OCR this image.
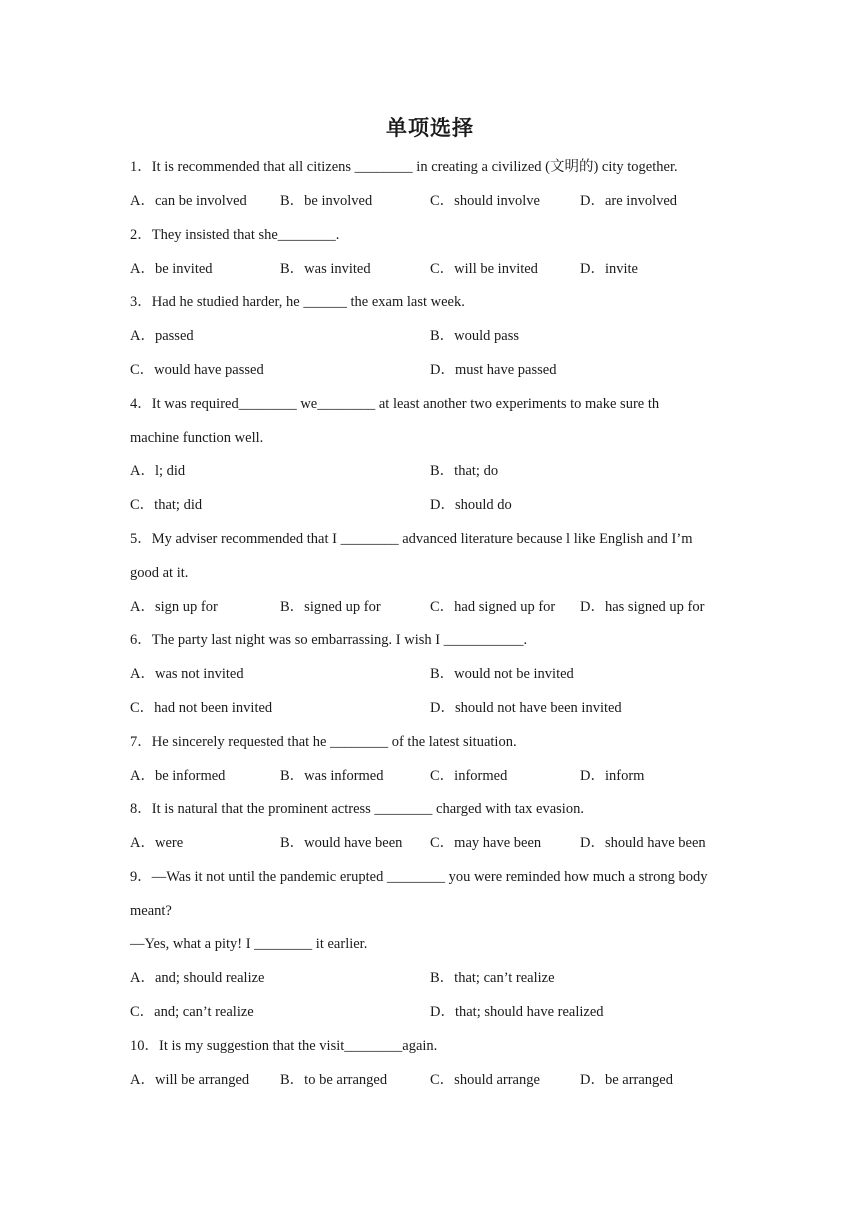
单项选择
1．It is recommended that all citizens ________ in creating a civilized (文明的) city together.
A．can be involved B．be involved	C．should involve	D．are involved
2．They insisted that she________.
A．be invited	B．was invited	C．will be invited	D．invite
3．Had he studied harder, he ______ the exam last week.
A．passed	B．would pass
C．would have passed	D．must have passed
4．It was required________ we________ at least another two experiments to make sure th
machine function well.
A．l; did	B．that; do
C．that; did	D．should do
5．My adviser recommended that I ________ advanced literature because l like English and I’m
good at it.
A．sign up for	B．signed up for	C．had signed up for D．has signed up for
6．The party last night was so embarrassing. I wish I ___________.
A．was not invited	B．would not be invited
C．had not been invited	D．should not have been invited
7．He sincerely requested that he ________ of the latest situation.
A．be informed	B．was informed	C．informed	D．inform
8．It is natural that the prominent actress ________ charged with tax evasion.
A．were	B．would have been C．may have been	D．should have been
9．—Was it not until the pandemic erupted ________ you were reminded how much a strong body
meant?
—Yes, what a pity! I ________ it earlier.
A．and; should realize	B．that; can’t realize
C．and; can’t realize	D．that; should have realized
10．It is my suggestion that the visit________again.
A．will be arranged B．to be arranged	C．should arrange	D．be arranged
